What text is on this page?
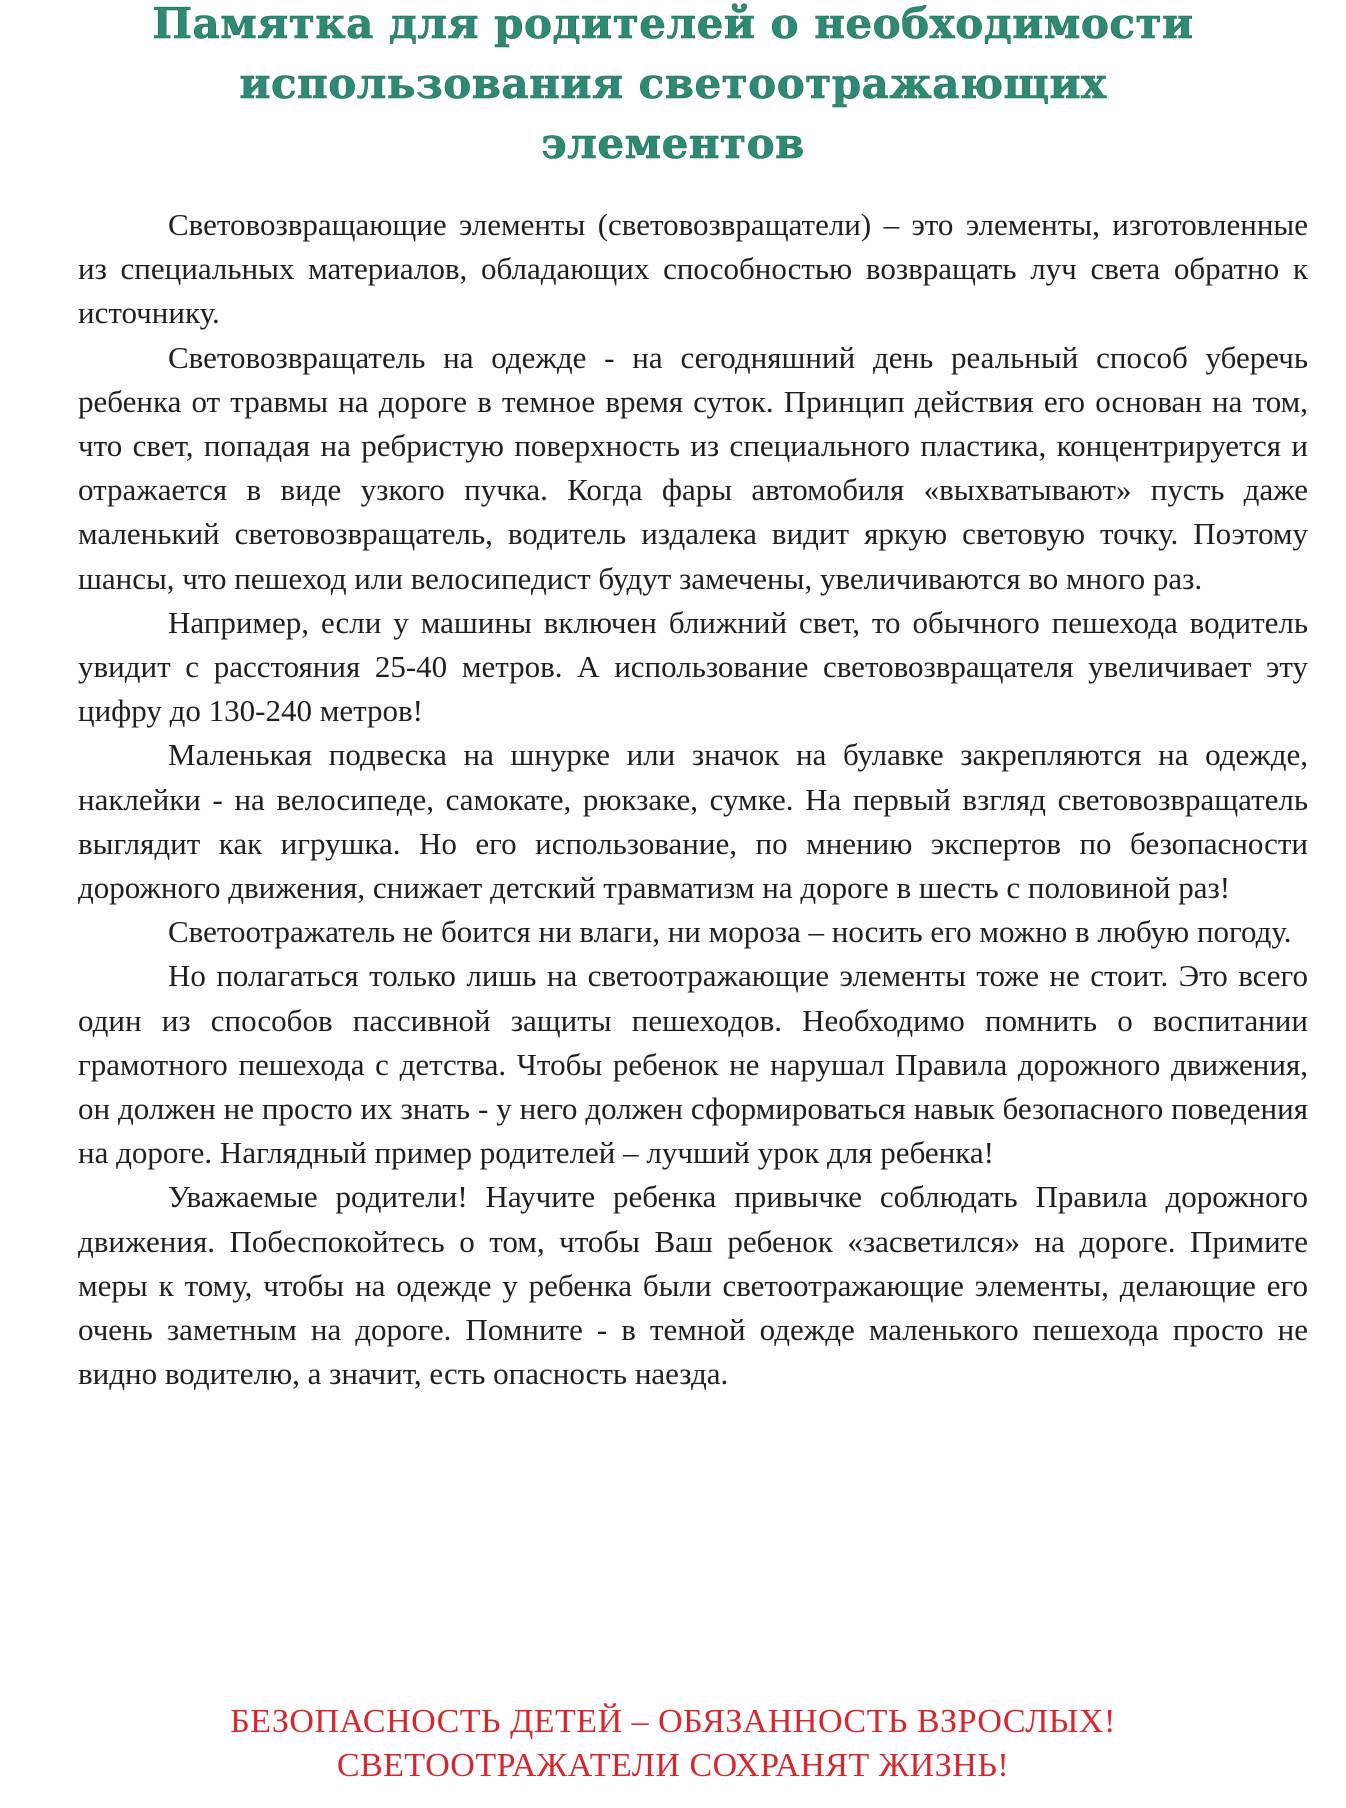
Памятка для родителей о необходимости
использования светоотражающих
элементов

Световозвращающие элементы (световозвращатели) – это элементы, изготовленные из специальных материалов, обладающих способностью возвращать луч света обратно к источнику.

Световозвращатель на одежде - на сегодняшний день реальный способ уберечь ребенка от травмы на дороге в темное время суток. Принцип действия его основан на том, что свет, попадая на ребристую поверхность из специального пластика, концентрируется и отражается в виде узкого пучка. Когда фары автомобиля «выхватывают» пусть даже маленький световозвращатель, водитель издалека видит яркую световую точку. Поэтому шансы, что пешеход или велосипедист будут замечены, увеличиваются во много раз.

Например, если у машины включен ближний свет, то обычного пешехода водитель увидит с расстояния 25-40 метров. А использование световозвращателя увеличивает эту цифру до 130-240 метров!

Маленькая подвеска на шнурке или значок на булавке закрепляются на одежде, наклейки - на велосипеде, самокате, рюкзаке, сумке. На первый взгляд световозвращатель выглядит как игрушка. Но его использование, по мнению экспертов по безопасности дорожного движения, снижает детский травматизм на дороге в шесть с половиной раз!

Светоотражатель не боится ни влаги, ни мороза – носить его можно в любую погоду.

Но полагаться только лишь на светоотражающие элементы тоже не стоит. Это всего один из способов пассивной защиты пешеходов. Необходимо помнить о воспитании грамотного пешехода с детства. Чтобы ребенок не нарушал Правила дорожного движения, он должен не просто их знать - у него должен сформироваться навык безопасного поведения на дороге. Наглядный пример родителей – лучший урок для ребенка!

Уважаемые родители! Научите ребенка привычке соблюдать Правила дорожного движения. Побеспокойтесь о том, чтобы Ваш ребенок «засветился» на дороге. Примите меры к тому, чтобы на одежде у ребенка были светоотражающие элементы, делающие его очень заметным на дороге. Помните - в темной одежде маленького пешехода просто не видно водителю, а значит, есть опасность наезда.

БЕЗОПАСНОСТЬ ДЕТЕЙ – ОБЯЗАННОСТЬ ВЗРОСЛЫХ!
СВЕТООТРАЖАТЕЛИ СОХРАНЯТ ЖИЗНЬ!
